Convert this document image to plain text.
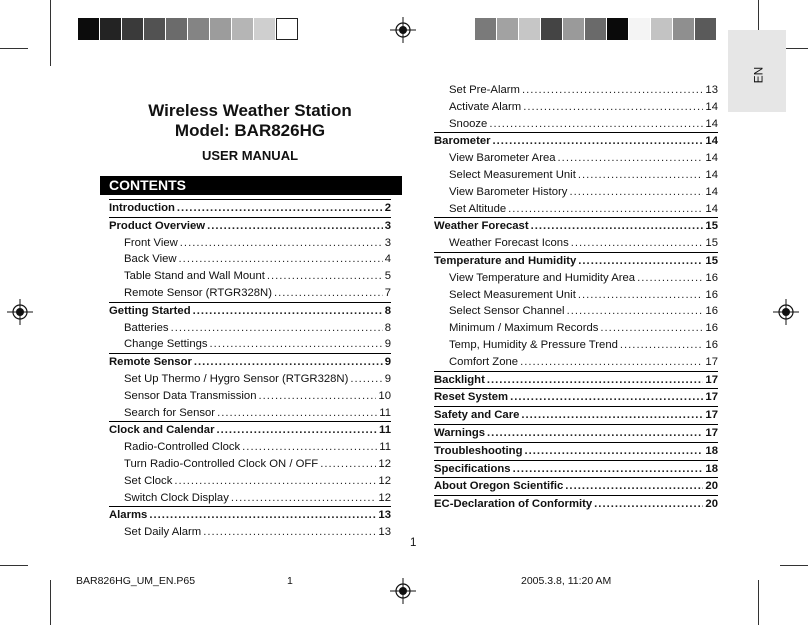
EN
Wireless Weather Station
Model: BAR826HG
USER MANUAL
CONTENTS
Introduction .....	2
Product Overview .....	3
Front View .....	3
Back View .....	4
Table Stand and Wall Mount .....	5
Remote Sensor (RTGR328N) .....	7
Getting Started .....	8
Batteries .....	8
Change Settings .....	9
Remote Sensor .....	9
Set Up Thermo / Hygro Sensor (RTGR328N) .....	9
Sensor Data Transmission .....	10
Search for Sensor .....	11
Clock and Calendar .....	11
Radio-Controlled Clock .....	11
Turn Radio-Controlled Clock ON / OFF .....	12
Set Clock .....	12
Switch Clock Display .....	12
Alarms .....	13
Set Daily Alarm .....	13
Set Pre-Alarm .....	13
Activate Alarm .....	14
Snooze .....	14
Barometer .....	14
View Barometer Area .....	14
Select Measurement Unit .....	14
View Barometer History .....	14
Set Altitude .....	14
Weather Forecast .....	15
Weather Forecast Icons .....	15
Temperature and Humidity .....	15
View Temperature and Humidity Area .....	16
Select Measurement Unit .....	16
Select Sensor Channel .....	16
Minimum / Maximum Records .....	16
Temp, Humidity & Pressure Trend .....	16
Comfort Zone .....	17
Backlight .....	17
Reset System .....	17
Safety and Care .....	17
Warnings .....	17
Troubleshooting .....	18
Specifications .....	18
About Oregon Scientific .....	20
EC-Declaration of Conformity .....	20
1
BAR826HG_UM_EN.P65	1	2005.3.8, 11:20 AM
